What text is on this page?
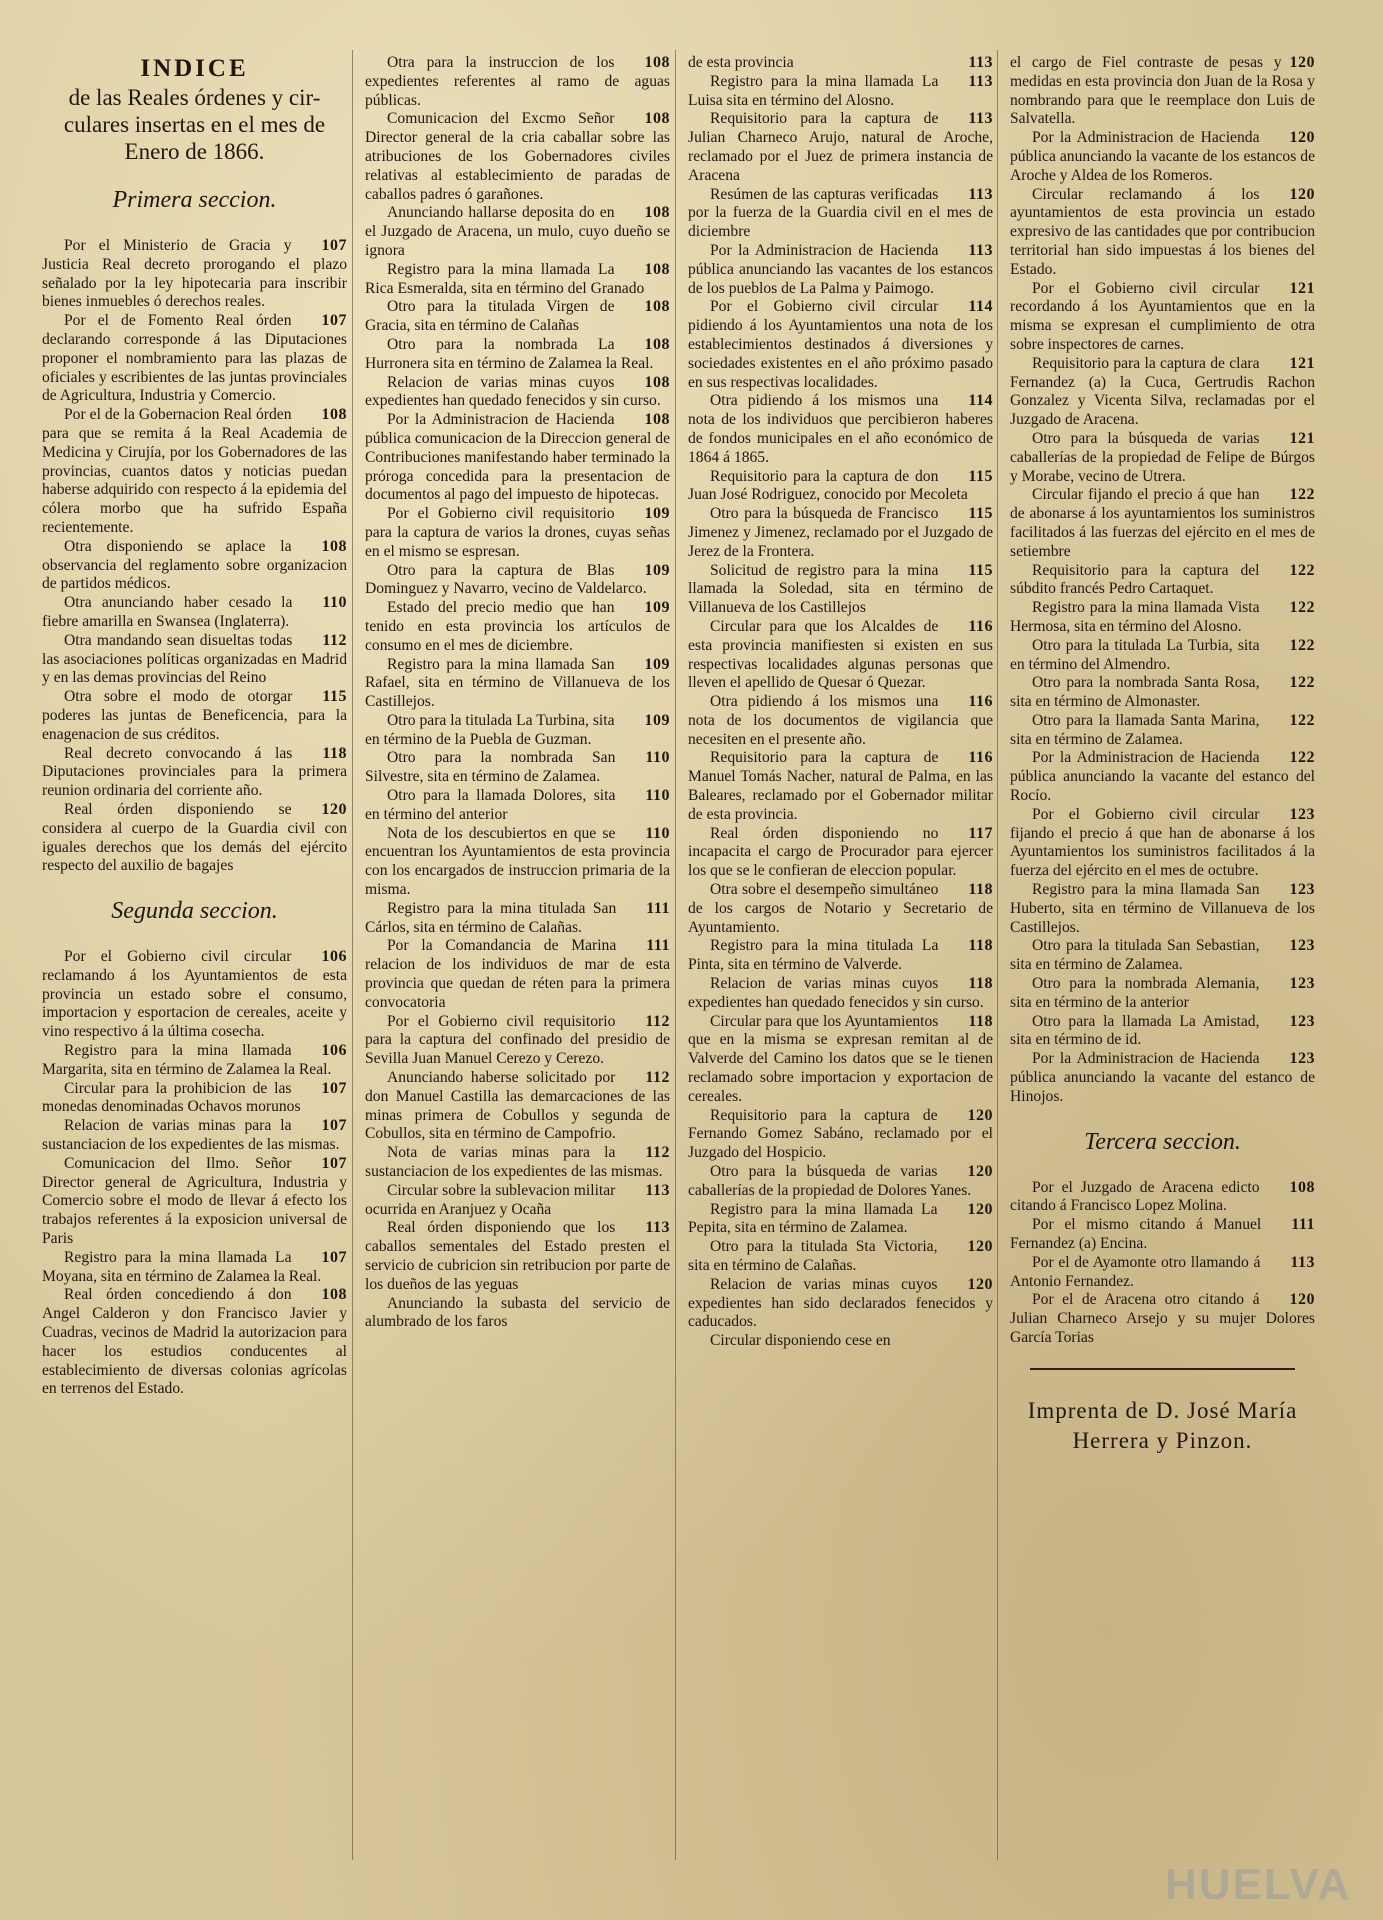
INDICE
de las Reales órdenes y cir-
culares insertas en el mes de
Enero de 1866.
Primera seccion.
107
Por el Ministerio de Gracia y Justicia Real decreto prorogando el plazo señalado por la ley hipotecaria para inscribir bienes inmuebles ó derechos reales.
107
Por el de Fomento Real órden declarando corresponde á las Diputaciones proponer el nombramiento para las plazas de oficiales y escribientes de las juntas provinciales de Agricultura, Industria y Comercio.
108
Por el de la Gobernacion Real órden para que se remita á la Real Academia de Medicina y Cirujía, por los Gobernadores de las provincias, cuantos datos y noticias puedan haberse adquirido con respecto á la epidemia del cólera morbo que ha sufrido España recientemente.
108
Otra disponiendo se aplace la observancia del reglamento sobre organizacion de partidos médicos.
110
Otra anunciando haber cesado la fiebre amarilla en Swansea (Inglaterra).
112
Otra mandando sean disueltas todas las asociaciones políticas organizadas en Madrid y en las demas provincias del Reino
115
Otra sobre el modo de otorgar poderes las juntas de Beneficencia, para la enagenacion de sus créditos.
118
Real decreto convocando á las Diputaciones provinciales para la primera reunion ordinaria del corriente año.
120
Real órden disponiendo se considera al cuerpo de la Guardia civil con iguales derechos que los demás del ejército respecto del auxilio de bagajes
Segunda seccion.
106
Por el Gobierno civil circular reclamando á los Ayuntamientos de esta provincia un estado sobre el consumo, importacion y esportacion de cereales, aceite y vino respectivo á la última cosecha.
106
Registro para la mina llamada Margarita, sita en término de Zalamea la Real.
107
Circular para la prohibicion de las monedas denominadas Ochavos morunos
107
Relacion de varias minas para la sustanciacion de los expedientes de las mismas.
107
Comunicacion del Ilmo. Señor Director general de Agricultura, Industria y Comercio sobre el modo de llevar á efecto los trabajos referentes á la exposicion universal de Paris
107
Registro para la mina llamada La Moyana, sita en término de Zalamea la Real.
108
Real órden concediendo á don Angel Calderon y don Francisco Javier y Cuadras, vecinos de Madrid la autorizacion para hacer los estudios conducentes al establecimiento de diversas colonias agrícolas en terrenos del Estado.
108
Otra para la instruccion de los expedientes referentes al ramo de aguas públicas.
108
Comunicacion del Excmo Señor Director general de la cria caballar sobre las atribuciones de los Gobernadores civiles relativas al establecimiento de paradas de caballos padres ó garañones.
108
Anunciando hallarse deposita do en el Juzgado de Aracena, un mulo, cuyo dueño se ignora
108
Registro para la mina llamada La Rica Esmeralda, sita en término del Granado
108
Otro para la titulada Virgen de Gracia, sita en término de Calañas
108
Otro para la nombrada La Hurronera sita en término de Zalamea la Real.
108
Relacion de varias minas cuyos expedientes han quedado fenecidos y sin curso.
108
Por la Administracion de Hacienda pública comunicacion de la Direccion general de Contribuciones manifestando haber terminado la próroga concedida para la presentacion de documentos al pago del impuesto de hipotecas.
109
Por el Gobierno civil requisitorio para la captura de varios la drones, cuyas señas en el mismo se espresan.
109
Otro para la captura de Blas Dominguez y Navarro, vecino de Valdelarco.
109
Estado del precio medio que han tenido en esta provincia los artículos de consumo en el mes de diciembre.
109
Registro para la mina llamada San Rafael, sita en término de Villanueva de los Castillejos.
109
Otro para la titulada La Turbina, sita en término de la Puebla de Guzman.
110
Otro para la nombrada San Silvestre, sita en término de Zalamea.
110
Otro para la llamada Dolores, sita en término del anterior
110
Nota de los descubiertos en que se encuentran los Ayuntamientos de esta provincia con los encargados de instruccion primaria de la misma.
111
Registro para la mina titulada San Cárlos, sita en término de Calañas.
111
Por la Comandancia de Marina relacion de los individuos de mar de esta provincia que quedan de réten para la primera convocatoria
112
Por el Gobierno civil requisitorio para la captura del confinado del presidio de Sevilla Juan Manuel Cerezo y Cerezo.
112
Anunciando haberse solicitado por don Manuel Castilla las demarcaciones de las minas primera de Cobullos y segunda de Cobullos, sita en término de Campofrio.
112
Nota de varias minas para la sustanciacion de los expedientes de las mismas.
113
Circular sobre la sublevacion militar ocurrida en Aranjuez y Ocaña
113
Real órden disponiendo que los caballos sementales del Estado presten el servicio de cubricion sin retribucion por parte de los dueños de las yeguas
Anunciando la subasta del servicio de alumbrado de los faros
113
de esta provincia
113
Registro para la mina llamada La Luisa sita en término del Alosno.
113
Requisitorio para la captura de Julian Charneco Arujo, natural de Aroche, reclamado por el Juez de primera instancia de Aracena
113
Resúmen de las capturas verificadas por la fuerza de la Guardia civil en el mes de diciembre
113
Por la Administracion de Hacienda pública anunciando las vacantes de los estancos de los pueblos de La Palma y Paimogo.
114
Por el Gobierno civil circular pidiendo á los Ayuntamientos una nota de los establecimientos destinados á diversiones y sociedades existentes en el año próximo pasado en sus respectivas localidades.
114
Otra pidiendo á los mismos una nota de los individuos que percibieron haberes de fondos municipales en el año económico de 1864 á 1865.
115
Requisitorio para la captura de don Juan José Rodriguez, conocido por Mecoleta
115
Otro para la búsqueda de Francisco Jimenez y Jimenez, reclamado por el Juzgado de Jerez de la Frontera.
115
Solicitud de registro para la mina llamada la Soledad, sita en término de Villanueva de los Castillejos
116
Circular para que los Alcaldes de esta provincia manifiesten si existen en sus respectivas localidades algunas personas que lleven el apellido de Quesar ó Quezar.
116
Otra pidiendo á los mismos una nota de los documentos de vigilancia que necesiten en el presente año.
116
Requisitorio para la captura de Manuel Tomás Nacher, natural de Palma, en las Baleares, reclamado por el Gobernador militar de esta provincia.
117
Real órden disponiendo no incapacita el cargo de Procurador para ejercer los que se le confieran de eleccion popular.
118
Otra sobre el desempeño simultáneo de los cargos de Notario y Secretario de Ayuntamiento.
118
Registro para la mina titulada La Pinta, sita en término de Valverde.
118
Relacion de varias minas cuyos expedientes han quedado fenecidos y sin curso.
118
Circular para que los Ayuntamientos que en la misma se expresan remitan al de Valverde del Camino los datos que se le tienen reclamado sobre importacion y exportacion de cereales.
120
Requisitorio para la captura de Fernando Gomez Sabáno, reclamado por el Juzgado del Hospicio.
120
Otro para la búsqueda de varias caballerías de la propiedad de Dolores Yanes.
120
Registro para la mina llamada La Pepita, sita en término de Zalamea.
120
Otro para la titulada Sta Victoria, sita en término de Calañas.
120
Relacion de varias minas cuyos expedientes han sido declarados fenecidos y caducados.
Circular disponiendo cese en
120
el cargo de Fiel contraste de pesas y medidas en esta provincia don Juan de la Rosa y nombrando para que le reemplace don Luis de Salvatella.
120
Por la Administracion de Hacienda pública anunciando la vacante de los estancos de Aroche y Aldea de los Romeros.
120
Circular reclamando á los ayuntamientos de esta provincia un estado expresivo de las cantidades que por contribucion territorial han sido impuestas á los bienes del Estado.
121
Por el Gobierno civil circular recordando á los Ayuntamientos que en la misma se expresan el cumplimiento de otra sobre inspectores de carnes.
121
Requisitorio para la captura de clara Fernandez (a) la Cuca, Gertrudis Rachon Gonzalez y Vicenta Silva, reclamadas por el Juzgado de Aracena.
121
Otro para la búsqueda de varias caballerías de la propiedad de Felipe de Búrgos y Morabe, vecino de Utrera.
122
Circular fijando el precio á que han de abonarse á los ayuntamientos los suministros facilitados á las fuerzas del ejército en el mes de setiembre
122
Requisitorio para la captura del súbdito francés Pedro Cartaquet.
122
Registro para la mina llamada Vista Hermosa, sita en término del Alosno.
122
Otro para la titulada La Turbia, sita en término del Almendro.
122
Otro para la nombrada Santa Rosa, sita en término de Almonaster.
122
Otro para la llamada Santa Marina, sita en término de Zalamea.
122
Por la Administracion de Hacienda pública anunciando la vacante del estanco del Rocío.
123
Por el Gobierno civil circular fijando el precio á que han de abonarse á los Ayuntamientos los suministros facilitados á la fuerza del ejército en el mes de octubre.
123
Registro para la mina llamada San Huberto, sita en término de Villanueva de los Castillejos.
123
Otro para la titulada San Sebastian, sita en término de Zalamea.
123
Otro para la nombrada Alemania, sita en término de la anterior
123
Otro para la llamada La Amistad, sita en término de id.
123
Por la Administracion de Hacienda pública anunciando la vacante del estanco de Hinojos.
Tercera seccion.
108
Por el Juzgado de Aracena edicto citando á Francisco Lopez Molina.
111
Por el mismo citando á Manuel Fernandez (a) Encina.
113
Por el de Ayamonte otro llamando á Antonio Fernandez.
120
Por el de Aracena otro citando á Julian Charneco Arsejo y su mujer Dolores García Torias
Imprenta de D. José María
Herrera y Pinzon.
HUELVA
